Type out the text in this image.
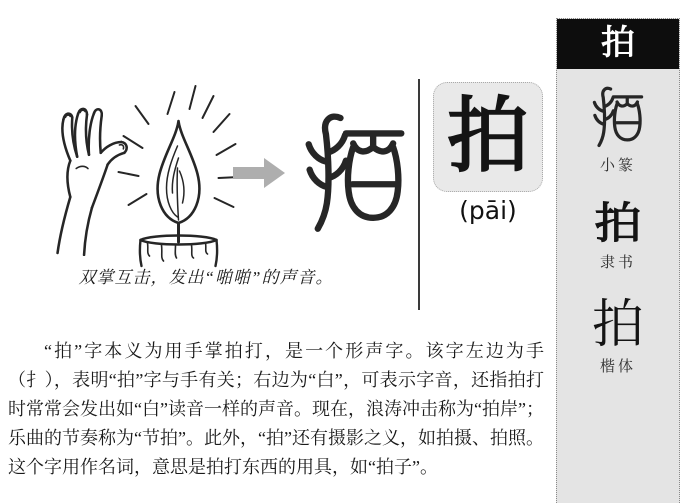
拍
(pāi)
双掌互击，发出“啪啪”的声音。
“拍”字本义为用手掌拍打，是一个形声字。该字左边为手（扌），表明“拍”字与手有关；右边为“白”，可表示字音，还指拍打时常常会发出如“白”读音一样的声音。现在，浪涛冲击称为“拍岸”；乐曲的节奏称为“节拍”。此外，“拍”还有摄影之义，如拍摄、拍照。这个字用作名词，意思是拍打东西的用具，如“拍子”。
拍
小篆
拍
隶书
拍
楷体
